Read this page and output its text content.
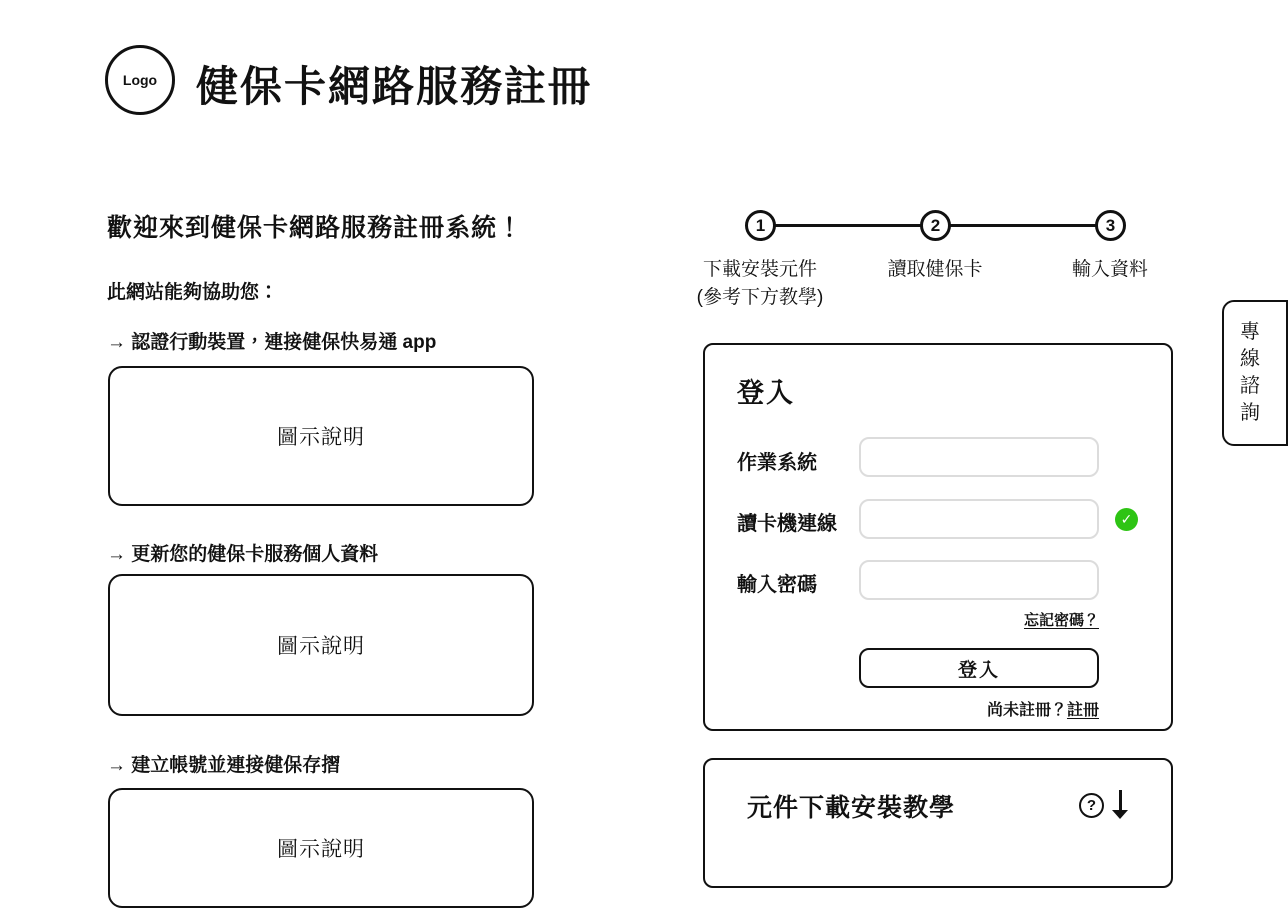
Logo 健保卡網路服務註冊
歡迎來到健保卡網路服務註冊系統！
此網站能夠協助您：
→ 認證行動裝置，連接健保快易通 app
圖示說明
→ 更新您的健保卡服務個人資料
圖示說明
→ 建立帳號並連接健保存摺
圖示說明
1	2	3
下載安裝元件
(參考下方教學)
讀取健保卡	輸入資料
登入
作業系統
讀卡機連線	✓
輸入密碼
忘記密碼？
登入
尚未註冊？註冊
元件下載安裝教學	?
專
線
諮
詢
